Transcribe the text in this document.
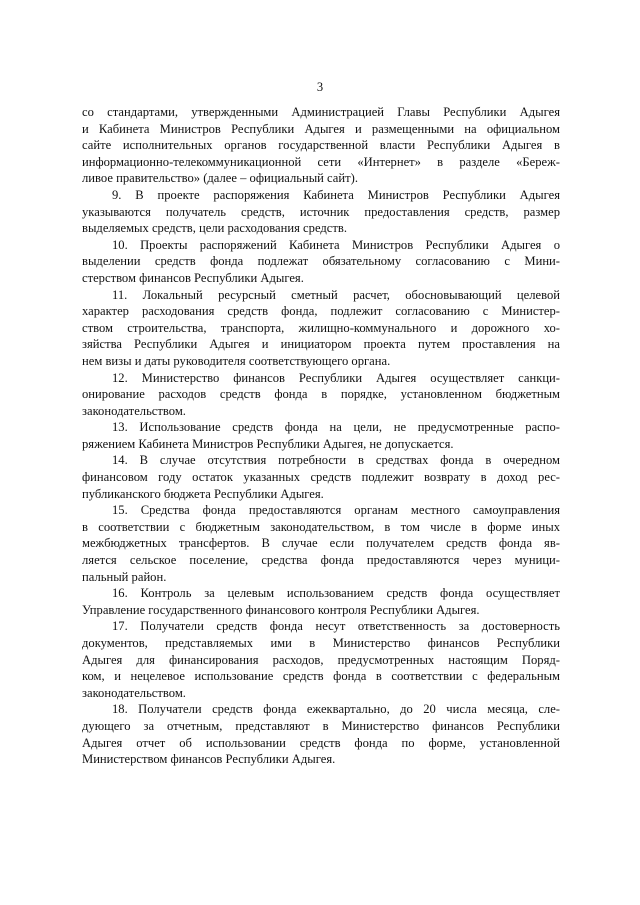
3
со стандартами, утвержденными Администрацией Главы Республики Адыгея
и Кабинета Министров Республики Адыгея и размещенными на официальном
сайте исполнительных органов государственной власти Республики Адыгея в
информационно-телекоммуникационной сети «Интернет» в разделе «Береж-
ливое правительство» (далее – официальный сайт).
9. В проекте распоряжения Кабинета Министров Республики Адыгея
указываются получатель средств, источник предоставления средств, размер
выделяемых средств, цели расходования средств.
10. Проекты распоряжений Кабинета Министров Республики Адыгея о
выделении средств фонда подлежат обязательному согласованию с Мини-
стерством финансов Республики Адыгея.
11. Локальный ресурсный сметный расчет, обосновывающий целевой
характер расходования средств фонда, подлежит согласованию с Министер-
ством строительства, транспорта, жилищно-коммунального и дорожного хо-
зяйства Республики Адыгея и инициатором проекта путем проставления на
нем визы и даты руководителя соответствующего органа.
12. Министерство финансов Республики Адыгея осуществляет санкци-
онирование расходов средств фонда в порядке, установленном бюджетным
законодательством.
13. Использование средств фонда на цели, не предусмотренные распо-
ряжением Кабинета Министров Республики Адыгея, не допускается.
14. В случае отсутствия потребности в средствах фонда в очередном
финансовом году остаток указанных средств подлежит возврату в доход рес-
публиканского бюджета Республики Адыгея.
15. Средства фонда предоставляются органам местного самоуправления
в соответствии с бюджетным законодательством, в том числе в форме иных
межбюджетных трансфертов. В случае если получателем средств фонда яв-
ляется сельское поселение, средства фонда предоставляются через муници-
пальный район.
16. Контроль за целевым использованием средств фонда осуществляет
Управление государственного финансового контроля Республики Адыгея.
17. Получатели средств фонда несут ответственность за достоверность
документов, представляемых ими в Министерство финансов Республики
Адыгея для финансирования расходов, предусмотренных настоящим Поряд-
ком, и нецелевое использование средств фонда в соответствии с федеральным
законодательством.
18. Получатели средств фонда ежеквартально, до 20 числа месяца, сле-
дующего за отчетным, представляют в Министерство финансов Республики
Адыгея отчет об использовании средств фонда по форме, установленной
Министерством финансов Республики Адыгея.
